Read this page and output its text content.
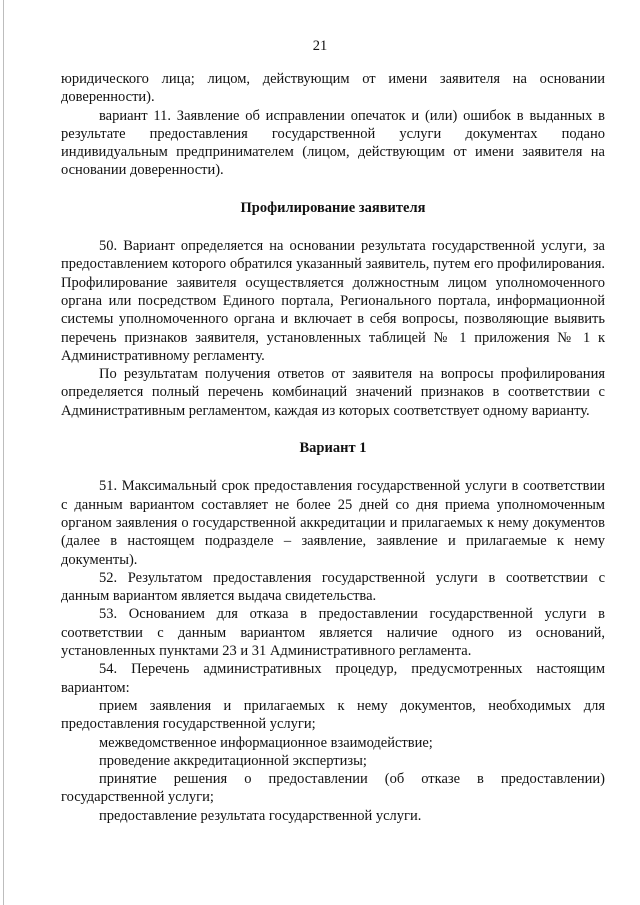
21

юридического лица; лицом, действующим от имени заявителя на основании доверенности).

вариант 11. Заявление об исправлении опечаток и (или) ошибок в выданных в результате предоставления государственной услуги документах подано индивидуальным предпринимателем (лицом, действующим от имени заявителя на основании доверенности).

Профилирование заявителя

50. Вариант определяется на основании результата государственной услуги, за предоставлением которого обратился указанный заявитель, путем его профилирования. Профилирование заявителя осуществляется должностным лицом уполномоченного органа или посредством Единого портала, Регионального портала, информационной системы уполномоченного органа и включает в себя вопросы, позволяющие выявить перечень признаков заявителя, установленных таблицей № 1 приложения № 1 к Административному регламенту.

По результатам получения ответов от заявителя на вопросы профилирования определяется полный перечень комбинаций значений признаков в соответствии с Административным регламентом, каждая из которых соответствует одному варианту.

Вариант 1

51. Максимальный срок предоставления государственной услуги в соответствии с данным вариантом составляет не более 25 дней со дня приема уполномоченным органом заявления о государственной аккредитации и прилагаемых к нему документов (далее в настоящем подразделе – заявление, заявление и прилагаемые к нему документы).

52. Результатом предоставления государственной услуги в соответствии с данным вариантом является выдача свидетельства.

53. Основанием для отказа в предоставлении государственной услуги в соответствии с данным вариантом является наличие одного из оснований, установленных пунктами 23 и 31 Административного регламента.

54. Перечень административных процедур, предусмотренных настоящим вариантом:

прием заявления и прилагаемых к нему документов, необходимых для предоставления государственной услуги;

межведомственное информационное взаимодействие;

проведение аккредитационной экспертизы;

принятие решения о предоставлении (об отказе в предоставлении) государственной услуги;

предоставление результата государственной услуги.
